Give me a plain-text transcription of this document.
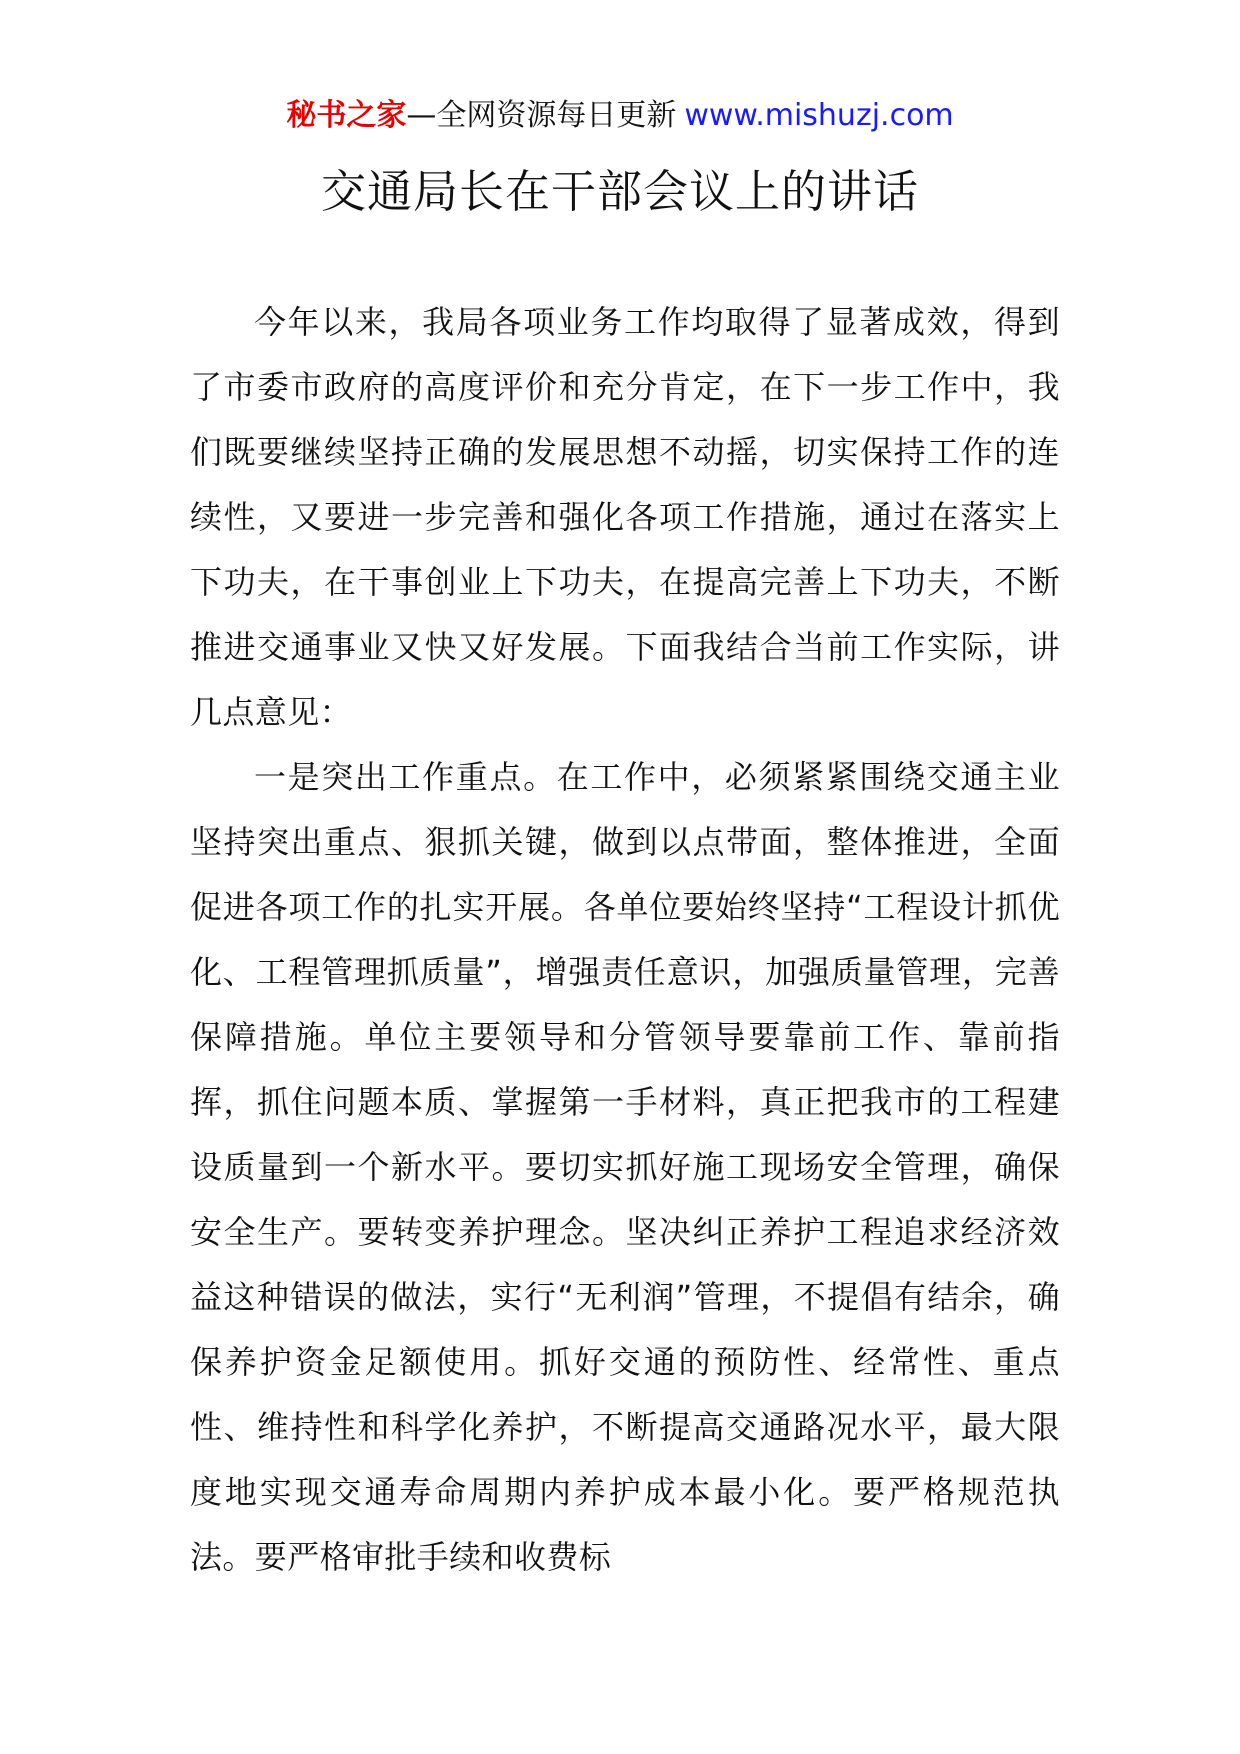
秘书之家—全网资源每日更新 www.mishuzj.com
交通局长在干部会议上的讲话

今年以来，我局各项业务工作均取得了显著成效，得到了市委市政府的高度评价和充分肯定，在下一步工作中，我们既要继续坚持正确的发展思想不动摇，切实保持工作的连续性，又要进一步完善和强化各项工作措施，通过在落实上下功夫，在干事创业上下功夫，在提高完善上下功夫，不断推进交通事业又快又好发展。下面我结合当前工作实际，讲几点意见：

一是突出工作重点。在工作中，必须紧紧围绕交通主业坚持突出重点、狠抓关键，做到以点带面，整体推进，全面促进各项工作的扎实开展。各单位要始终坚持“工程设计抓优化、工程管理抓质量”，增强责任意识，加强质量管理，完善保障措施。单位主要领导和分管领导要靠前工作、靠前指挥，抓住问题本质、掌握第一手材料，真正把我市的工程建设质量到一个新水平。要切实抓好施工现场安全管理，确保安全生产。要转变养护理念。坚决纠正养护工程追求经济效益这种错误的做法，实行“无利润”管理，不提倡有结余，确保养护资金足额使用。抓好交通的预防性、经常性、重点性、维持性和科学化养护，不断提高交通路况水平，最大限度地实现交通寿命周期内养护成本最小化。要严格规范执法。要严格审批手续和收费标
